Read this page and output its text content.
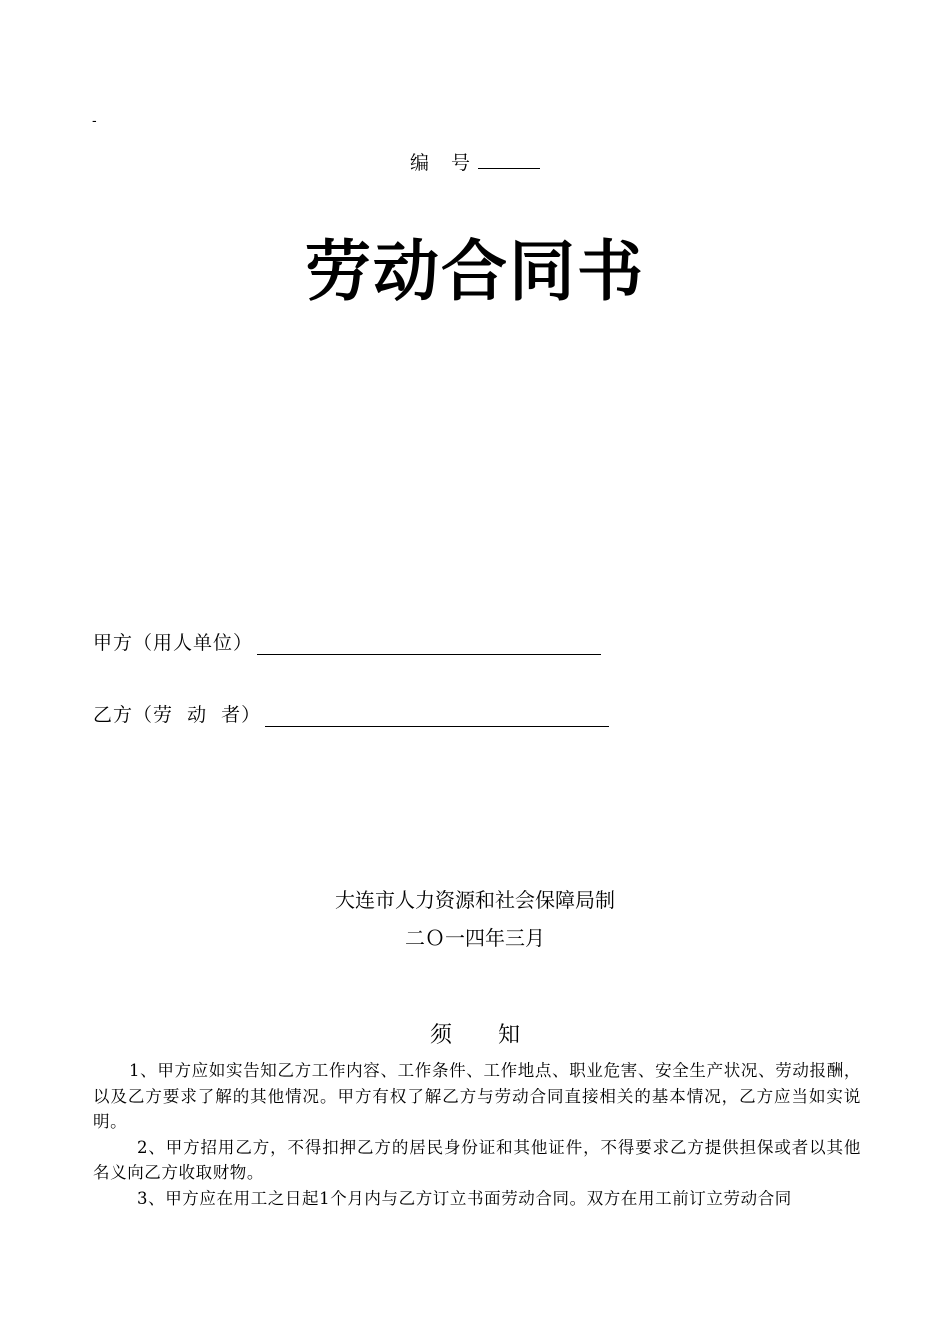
-
编 号
劳动合同书
甲方（用人单位）
乙方（劳  动  者）
大连市人力资源和社会保障局制
二Ｏ一四年三月
须知

1、甲方应如实告知乙方工作内容、工作条件、工作地点、职业危害、安全生产状况、劳动报酬，以及乙方要求了解的其他情况。甲方有权了解乙方与劳动合同直接相关的基本情况，乙方应当如实说明。

2、甲方招用乙方，不得扣押乙方的居民身份证和其他证件，不得要求乙方提供担保或者以其他名义向乙方收取财物。

3、甲方应在用工之日起1个月内与乙方订立书面劳动合同。双方在用工前订立劳动合同
